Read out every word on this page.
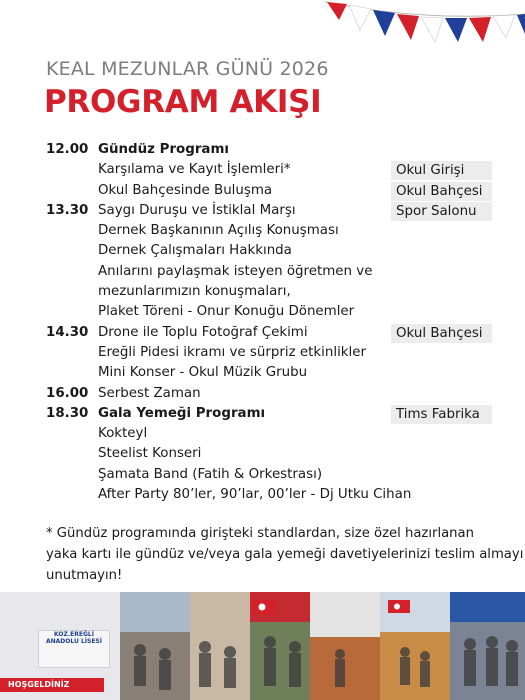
KEAL MEZUNLAR GÜNÜ 2026
PROGRAM AKIŞI
12.00 Gündüz Programı
Karşılama ve Kayıt İşlemleri*	Okul Girişi
Okul Bahçesinde Buluşma	Okul Bahçesi
13.30 Saygı Duruşu ve İstiklal Marşı	Spor Salonu
Dernek Başkanının Açılış Konuşması
Dernek Çalışmaları Hakkında
Anılarını paylaşmak isteyen öğretmen ve
mezunlarımızın konuşmaları,
Plaket Töreni - Onur Konuğu Dönemler
14.30 Drone ile Toplu Fotoğraf Çekimi	Okul Bahçesi
Ereğli Pidesi ikramı ve sürpriz etkinlikler
Mini Konser - Okul Müzik Grubu
16.00 Serbest Zaman
18.30 Gala Yemeği Programı	Tims Fabrika
Kokteyl
Steelist Konseri
Şamata Band (Fatih & Orkestrası)
After Party 80’ler, 90’lar, 00’ler - Dj Utku Cihan

* Gündüz programında girişteki standlardan, size özel hazırlanan

yaka kartı ile gündüz ve/veya gala yemeği davetiyelerinizi teslim almayı

unutmayın!

KOZ.EREĞLİ ANADOLU LİSESİ
HOŞGELDİNİZ
